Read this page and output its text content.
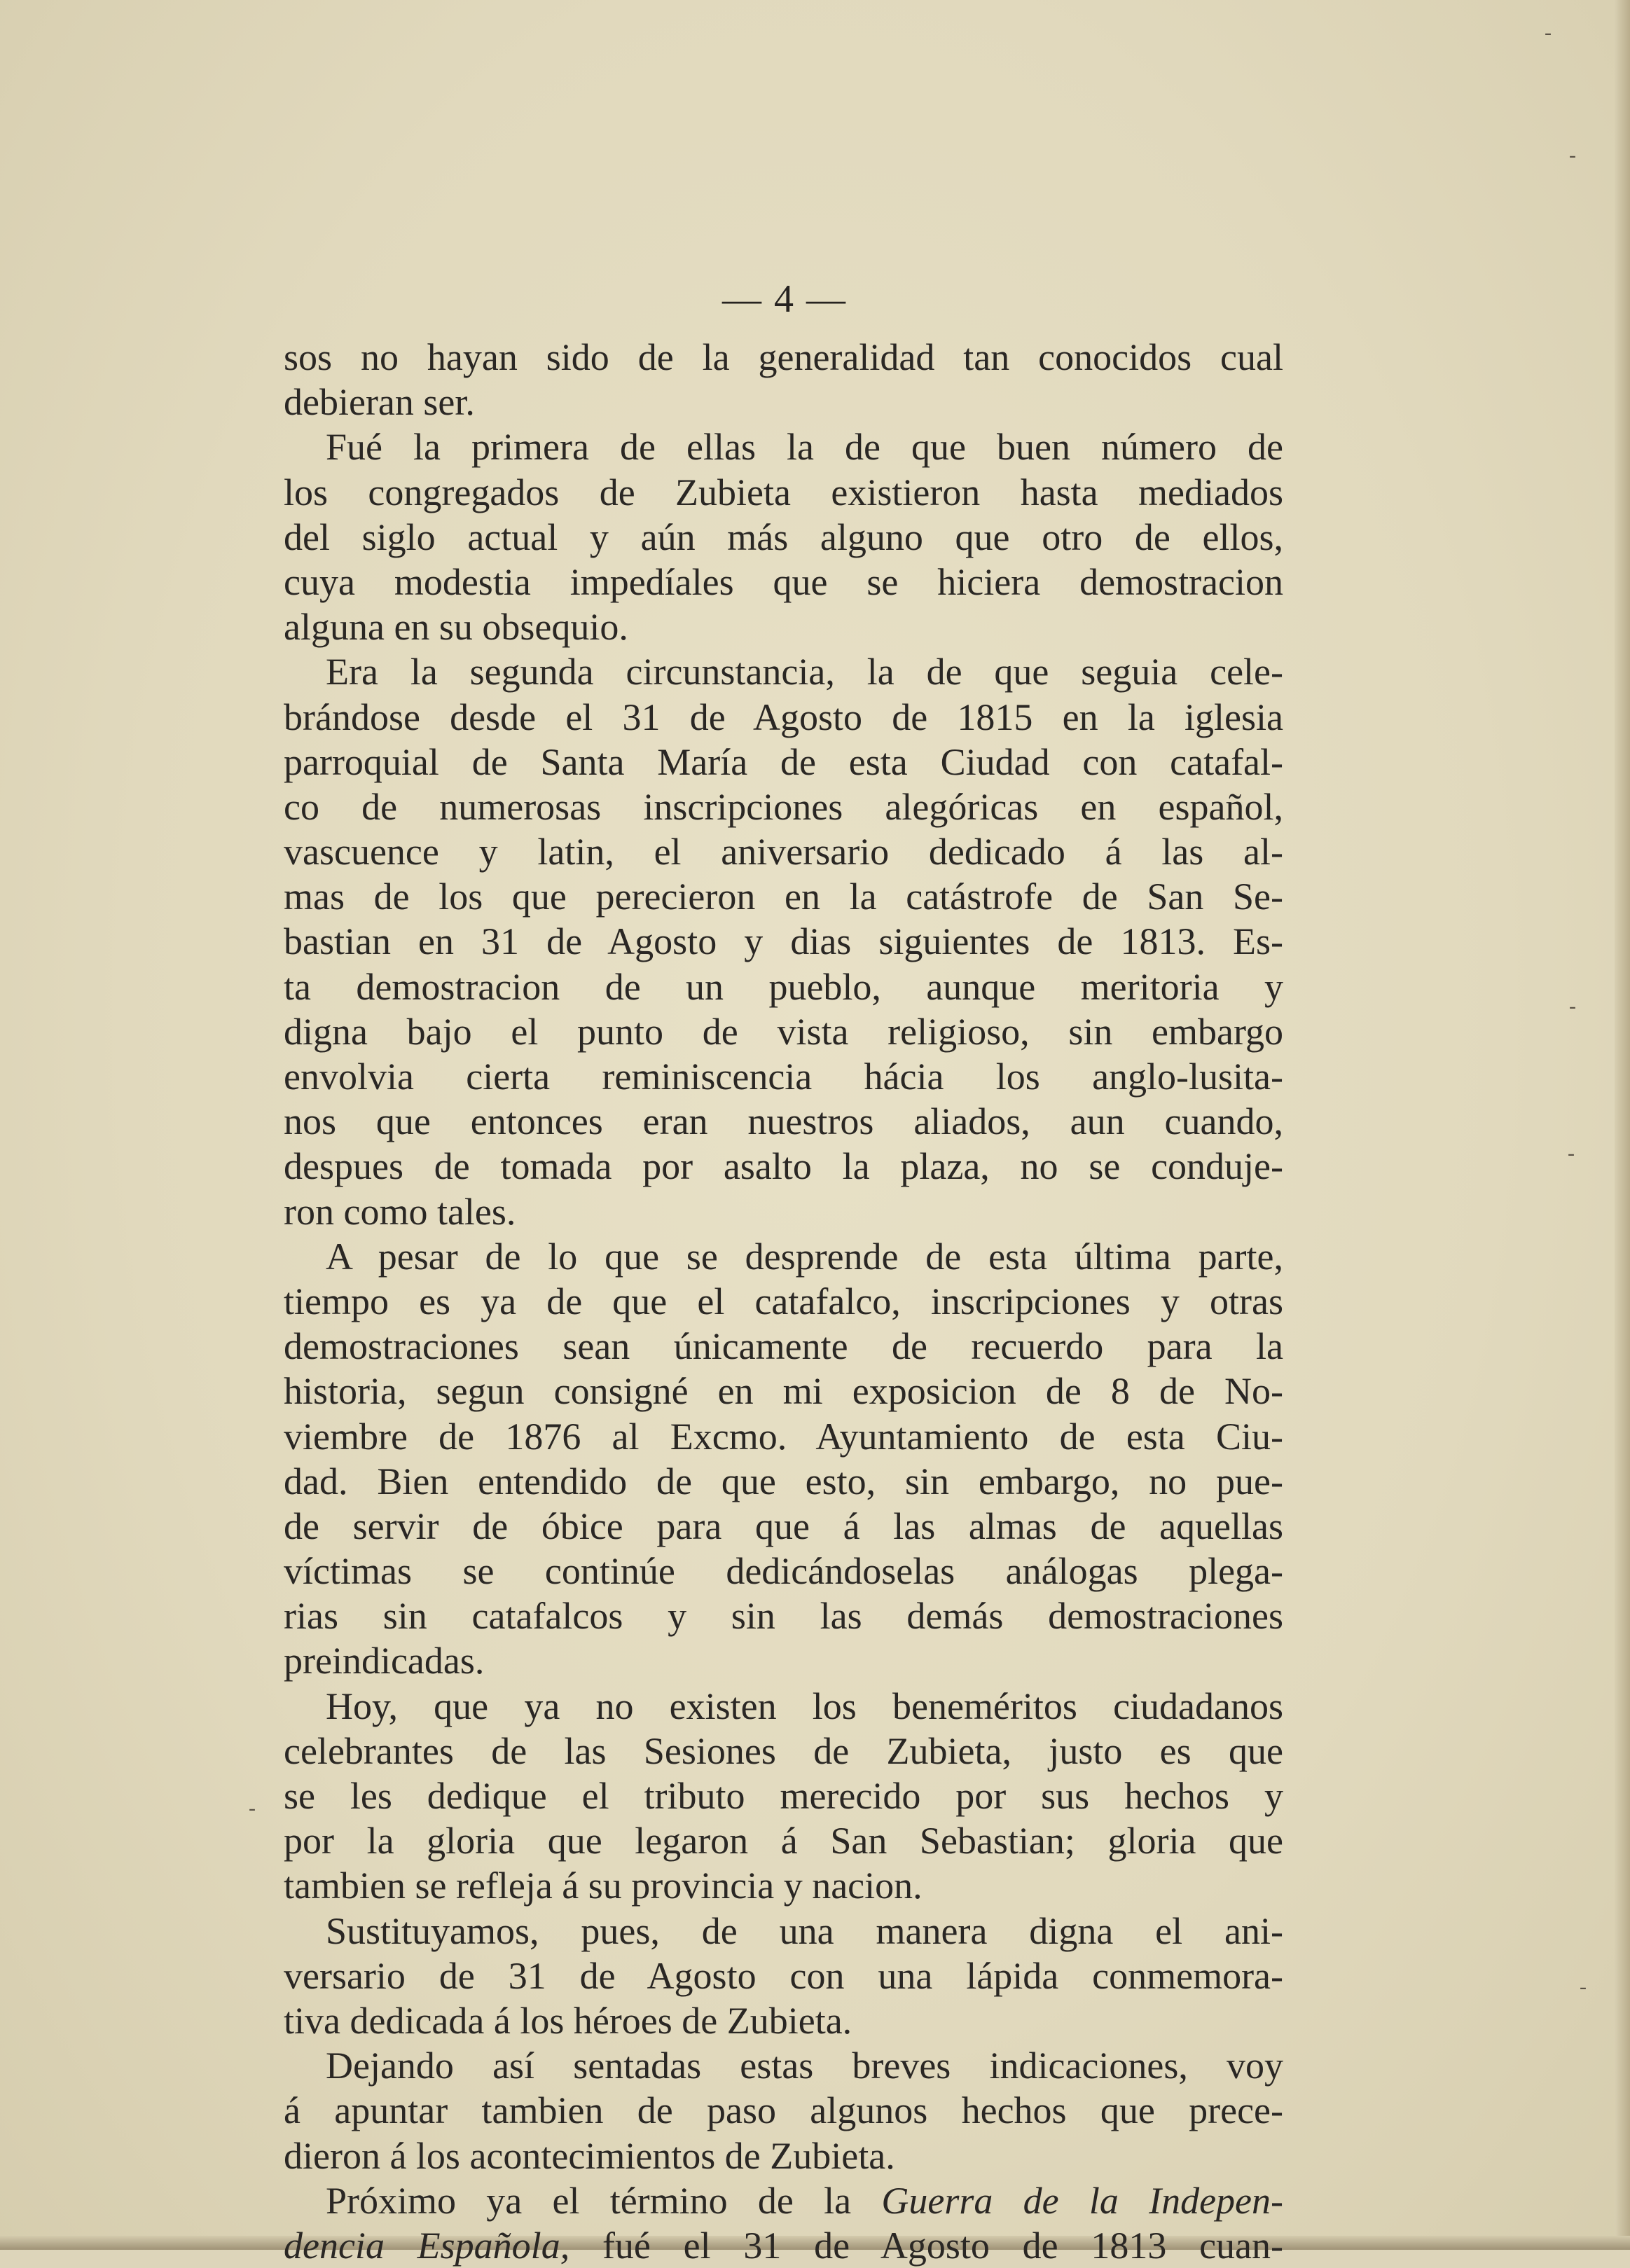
— 4 —
sos no hayan sido de la generalidad tan conocidos cual
debieran ser.
Fué la primera de ellas la de que buen número de
los congregados de Zubieta existieron hasta mediados
del siglo actual y aún más alguno que otro de ellos,
cuya modestia impedíales que se hiciera demostracion
alguna en su obsequio.
Era la segunda circunstancia, la de que seguia cele-
brándose desde el 31 de Agosto de 1815 en la iglesia
parroquial de Santa María de esta Ciudad con catafal-
co de numerosas inscripciones alegóricas en español,
vascuence y latin, el aniversario dedicado á las al-
mas de los que perecieron en la catástrofe de San Se-
bastian en 31 de Agosto y dias siguientes de 1813. Es-
ta demostracion de un pueblo, aunque meritoria y
digna bajo el punto de vista religioso, sin embargo
envolvia cierta reminiscencia hácia los anglo-lusita-
nos que entonces eran nuestros aliados, aun cuando,
despues de tomada por asalto la plaza, no se conduje-
ron como tales.
A pesar de lo que se desprende de esta última parte,
tiempo es ya de que el catafalco, inscripciones y otras
demostraciones sean únicamente de recuerdo para la
historia, segun consigné en mi exposicion de 8 de No-
viembre de 1876 al Excmo. Ayuntamiento de esta Ciu-
dad. Bien entendido de que esto, sin embargo, no pue-
de servir de óbice para que á las almas de aquellas
víctimas se continúe dedicándoselas análogas plega-
rias sin catafalcos y sin las demás demostraciones
preindicadas.
Hoy, que ya no existen los beneméritos ciudadanos
celebrantes de las Sesiones de Zubieta, justo es que
se les dedique el tributo merecido por sus hechos y
por la gloria que legaron á San Sebastian; gloria que
tambien se refleja á su provincia y nacion.
Sustituyamos, pues, de una manera digna el ani-
versario de 31 de Agosto con una lápida conmemora-
tiva dedicada á los héroes de Zubieta.
Dejando así sentadas estas breves indicaciones, voy
á apuntar tambien de paso algunos hechos que prece-
dieron á los acontecimientos de Zubieta.
Próximo ya el término de la Guerra de la Indepen-
dencia Española, fué el 31 de Agosto de 1813 cuan-
-
-
-
-
-
-
